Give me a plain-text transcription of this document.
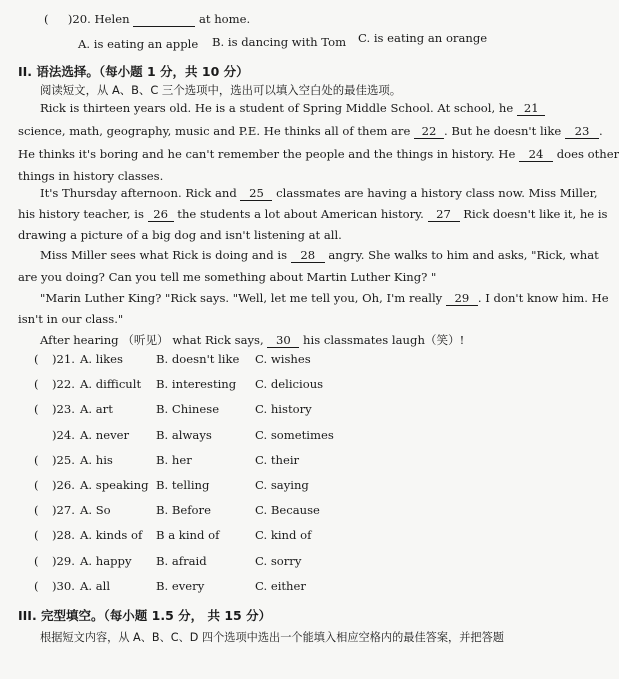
( )20. Helen	at home.
A. is eating an apple B. is dancing with Tom C. is eating an orange
II. 语法选择。（每小题 1 分，共 10 分）
阅读短文，从 A、B、C 三个选项中，选出可以填入空白处的最佳选项。
Rick is thirteen years old. He is a student of Spring Middle School. At school, he 21
science, math, geography, music and P.E. He thinks all of them are 22 . But he doesn't like 23 .
He thinks it's boring and he can't remember the people and the things in history. He 24 does other
things in history classes.
It's Thursday afternoon. Rick and 25 classmates are having a history class now. Miss Miller,
his history teacher, is 26 the students a lot about American history. 27 Rick doesn't like it, he is
drawing a picture of a big dog and isn't listening at all.
Miss Miller sees what Rick is doing and is 28 angry. She walks to him and asks, "Rick, what
are you doing? Can you tell me something about Martin Luther King? "
"Marin Luther King? "Rick says. "Well, let me tell you, Oh, I'm really 29 . I don't know him. He
isn't in our class."
After hearing （听见） what Rick says, 30 his classmates laugh（笑）!
( )21. A. likes	B. doesn't like C. wishes
( )22. A. difficult B. interesting C. delicious
( )23. A. art	B. Chinese	C. history
)24. A. never B. always	C. sometimes
( )25. A. his	B. her	C. their
( )26. A. speaking B. telling	C. saying
( )27. A. So	B. Before	C. Because
( )28. A. kinds of B a kind of	C. kind of
( )29. A. happy B. afraid	C. sorry
( )30. A. all	B. every	C. either
III. 完型填空。（每小题 1.5 分， 共 15 分）
根据短文内容，从 A、B、C、D 四个选项中选出一个能填入相应空格内的最佳答案，并把答题
